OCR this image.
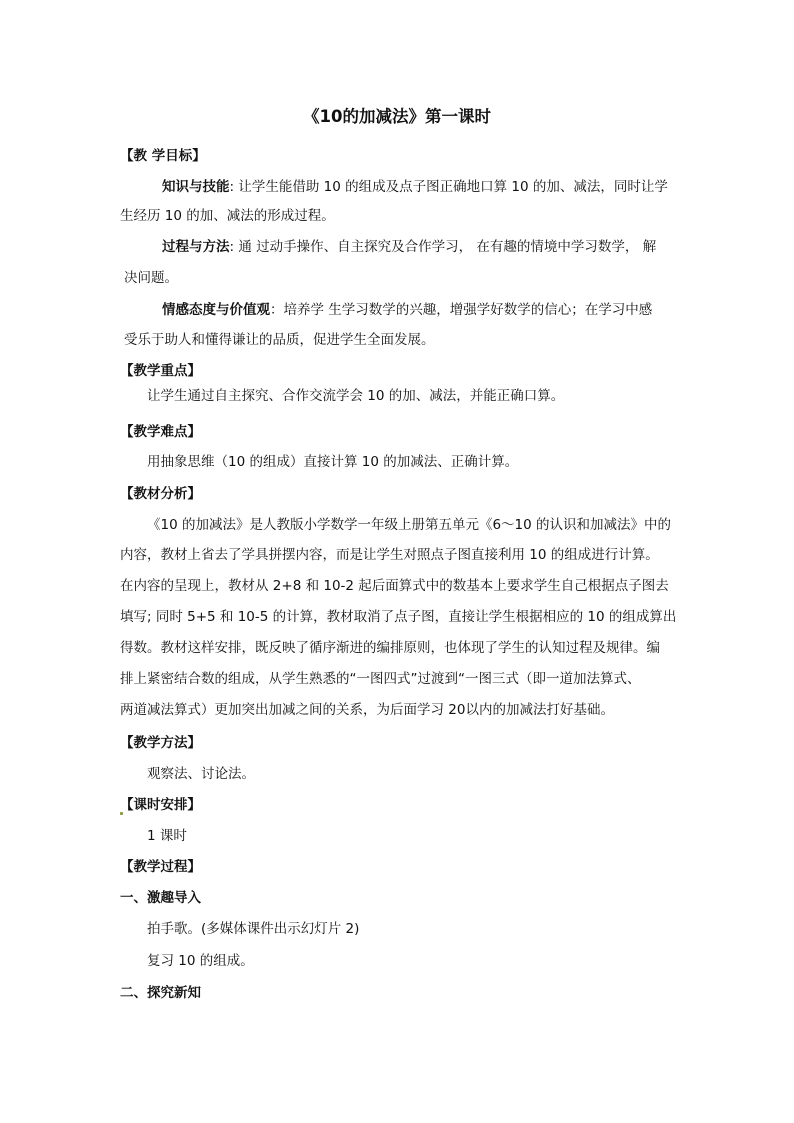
《10的加减法》第一课时
【教 学目标】
知识与技能: 让学生能借助 10 的组成及点子图正确地口算 10 的加、减法，同时让学
生经历 10 的加、减法的形成过程。
过程与方法: 通 过动手操作、自主探究及合作学习， 在有趣的情境中学习数学， 解
决问题。
情感态度与价值观：培养学 生学习数学的兴趣，增强学好数学的信心；在学习中感
受乐于助人和懂得谦让的品质，促进学生全面发展。
【教学重点】
让学生通过自主探究、合作交流学会 10 的加、减法，并能正确口算。
【教学难点】
用抽象思维（10 的组成）直接计算 10 的加减法、正确计算。
【教材分析】
《10 的加减法》是人教版小学数学一年级上册第五单元《6～10 的认识和加减法》中的
内容，教材上省去了学具拼摆内容，而是让学生对照点子图直接利用 10 的组成进行计算。
在内容的呈现上，教材从 2+8 和 10-2 起后面算式中的数基本上要求学生自己根据点子图去
填写; 同时 5+5 和 10-5 的计算，教材取消了点子图，直接让学生根据相应的 10 的组成算出
得数。教材这样安排，既反映了循序渐进的编排原则，也体现了学生的认知过程及规律。编
排上紧密结合数的组成，从学生熟悉的“一图四式”过渡到“一图三式（即一道加法算式、
两道减法算式）更加突出加减之间的关系，为后面学习 20以内的加减法打好基础。
【教学方法】
观察法、讨论法。
【课时安排】
1 课时
【教学过程】
一、激趣导入
拍手歌。(多媒体课件出示幻灯片 2)
复习 10 的组成。
二、探究新知
